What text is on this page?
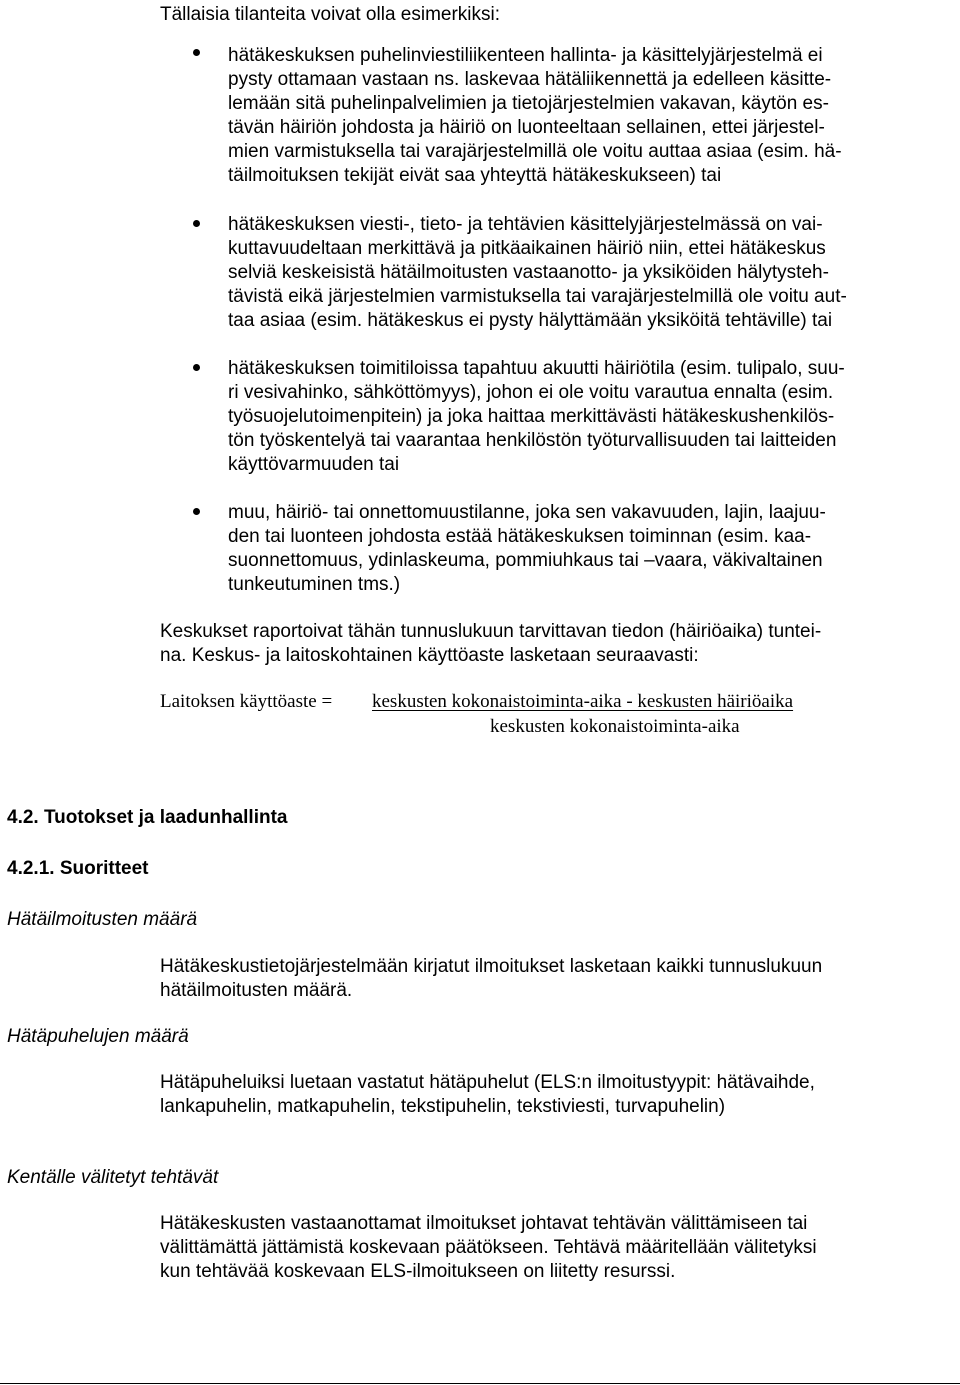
Tällaisia tilanteita voivat olla esimerkiksi:
hätäkeskuksen puhelinviestiliikenteen hallinta- ja käsittelyjärjestelmä ei
pysty ottamaan vastaan ns. laskevaa hätäliikennettä ja edelleen käsitte-
lemään sitä puhelinpalvelimien ja tietojärjestelmien vakavan, käytön es-
tävän häiriön johdosta ja häiriö on luonteeltaan sellainen, ettei järjestel-
mien varmistuksella tai varajärjestelmillä ole voitu auttaa asiaa (esim. hä-
täilmoituksen tekijät eivät saa yhteyttä hätäkeskukseen) tai
hätäkeskuksen viesti-, tieto- ja tehtävien käsittelyjärjestelmässä on vai-
kuttavuudeltaan merkittävä ja pitkäaikainen häiriö niin, ettei hätäkeskus
selviä keskeisistä hätäilmoitusten vastaanotto- ja yksiköiden hälytysteh-
tävistä eikä järjestelmien varmistuksella tai varajärjestelmillä ole voitu aut-
taa asiaa (esim. hätäkeskus ei pysty hälyttämään yksiköitä tehtäville) tai
hätäkeskuksen toimitiloissa tapahtuu akuutti häiriötila (esim. tulipalo, suu-
ri vesivahinko, sähköttömyys), johon ei ole voitu varautua ennalta (esim.
työsuojelutoimenpitein) ja joka haittaa merkittävästi hätäkeskushenkilös-
tön työskentelyä tai vaarantaa henkilöstön työturvallisuuden tai laitteiden
käyttövarmuuden tai
muu, häiriö- tai onnettomuustilanne, joka sen vakavuuden, lajin, laajuu-
den tai luonteen johdosta estää hätäkeskuksen toiminnan (esim. kaa-
suonnettomuus, ydinlaskeuma, pommiuhkaus tai –vaara, väkivaltainen
tunkeutuminen tms.)
Keskukset raportoivat tähän tunnuslukuun tarvittavan tiedon (häiriöaika) tuntei-
na. Keskus- ja laitoskohtainen käyttöaste lasketaan seuraavasti:
Laitoksen käyttöaste = keskusten kokonaistoiminta-aika - keskusten häiriöaika
keskusten kokonaistoiminta-aika
4.2. Tuotokset ja laadunhallinta
4.2.1. Suoritteet
Hätäilmoitusten määrä
Hätäkeskustietojärjestelmään kirjatut ilmoitukset lasketaan kaikki tunnuslukuun
hätäilmoitusten määrä.
Hätäpuhelujen määrä
Hätäpuheluiksi luetaan vastatut hätäpuhelut (ELS:n ilmoitustyypit: hätävaihde,
lankapuhelin, matkapuhelin, tekstipuhelin, tekstiviesti, turvapuhelin)
Kentälle välitetyt tehtävät
Hätäkeskusten vastaanottamat ilmoitukset johtavat tehtävän välittämiseen tai
välittämättä jättämistä koskevaan päätökseen. Tehtävä määritellään välitetyksi
kun tehtävää koskevaan ELS-ilmoitukseen on liitetty resurssi.
